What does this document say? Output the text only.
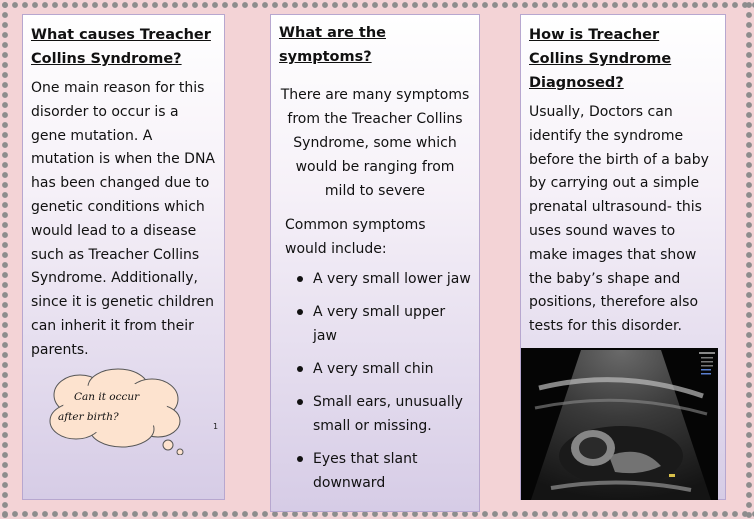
What causes Treacher Collins Syndrome?

One main reason for this disorder to occur is a gene mutation. A mutation is when the DNA has been changed due to genetic conditions which would lead to a disease such as Treacher Collins Syndrome. Additionally, since it is genetic children can inherit it from their parents.

Can it occur
after birth?
1
What are the symptoms?

There are many symptoms from the Treacher Collins Syndrome, some which would be ranging from mild to severe

Common symptoms would include:

A very small lower jaw
A very small upper jaw
A very small chin
Small ears, unusually small or missing.
Eyes that slant downward
How is Treacher Collins Syndrome Diagnosed?

Usually, Doctors can identify the syndrome before the birth of a baby by carrying out a simple prenatal ultrasound- this uses sound waves to make images that show the baby’s shape and positions, therefore also tests for this disorder.
